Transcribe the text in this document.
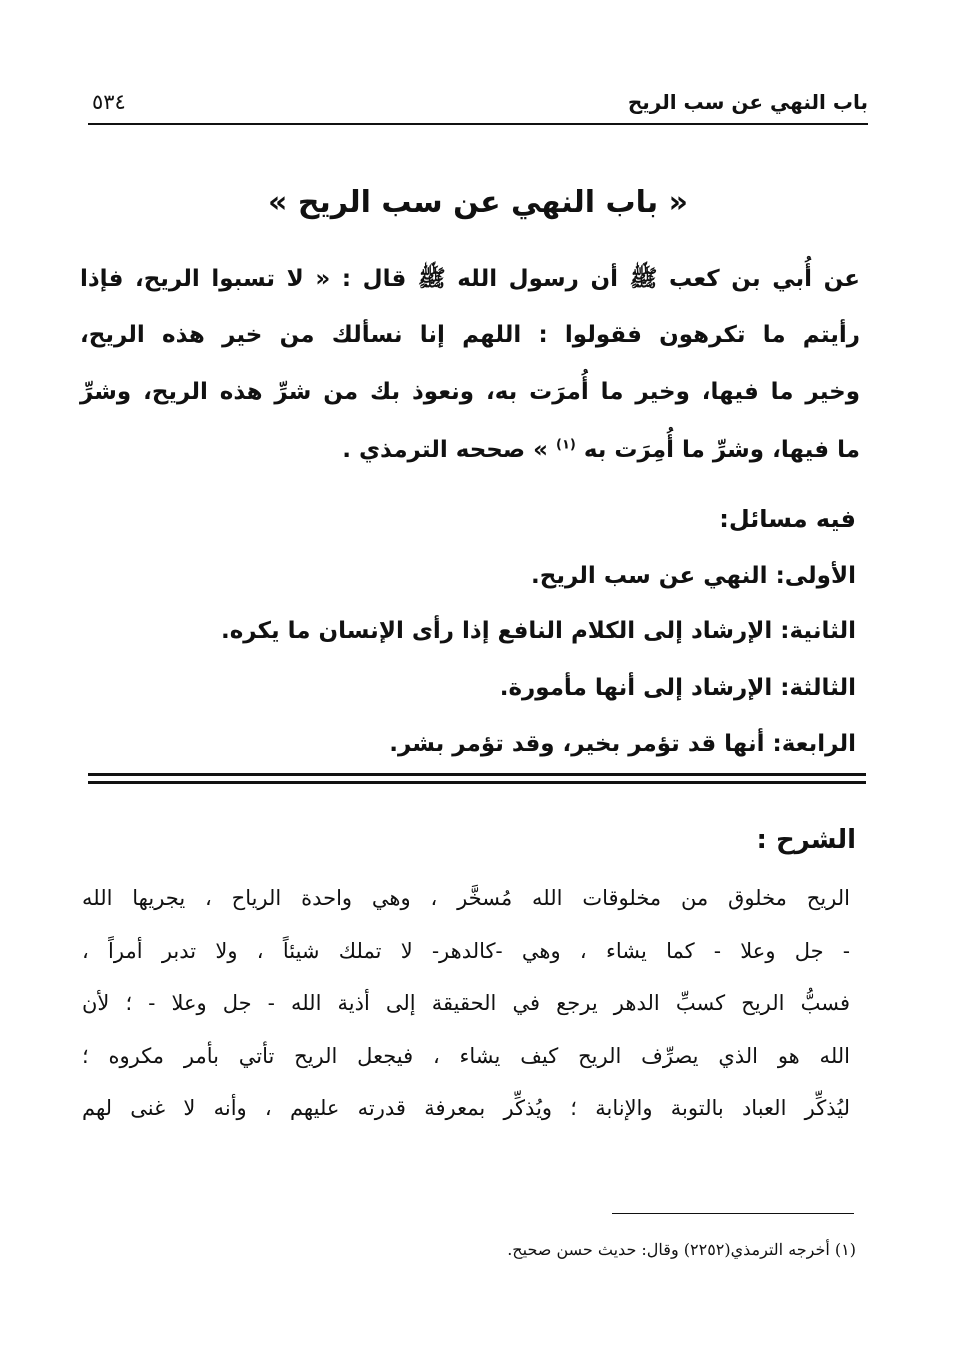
باب النهي عن سب الريح
٥٣٤
« باب النهي عن سب الريح »
عن أُبي بن كعب ﷺ أن رسول الله ﷺ قال : « لا تسبوا الريح، فإذا
رأيتم ما تكرهون فقولوا : اللهم إنا نسألك من خير هذه الريح،
وخير ما فيها، وخير ما أُمرَت به، ونعوذ بك من شرِّ هذه الريح، وشرِّ
ما فيها، وشرِّ ما أُمِرَت به $^{(١)}$ » صححه الترمذي .
فيه مسائل:
الأولى: النهي عن سب الريح.
الثانية: الإرشاد إلى الكلام النافع إذا رأى الإنسان ما يكره.
الثالثة: الإرشاد إلى أنها مأمورة.
الرابعة: أنها قد تؤمر بخير، وقد تؤمر بشر.
الشرح :
الريح مخلوق من مخلوقات الله مُسخَّر ، وهي واحدة الرياح ، يجريها الله
- جل وعلا - كما يشاء ، وهي -كالدهر- لا تملك شيئاً ، ولا تدبر أمراً ،
فسبُّ الريح كسبِّ الدهر يرجع في الحقيقة إلى أذية الله - جل وعلا - ؛ لأن
الله هو الذي يصرِّف الريح كيف يشاء ، فيجعل الريح تأتي بأمر مكروه ؛
ليُذكِّر العباد بالتوبة والإنابة ؛ ويُذكِّر بمعرفة قدرته عليهم ، وأنه لا غنى لهم
(١) أخرجه الترمذي(٢٢٥٢) وقال: حديث حسن صحيح.
